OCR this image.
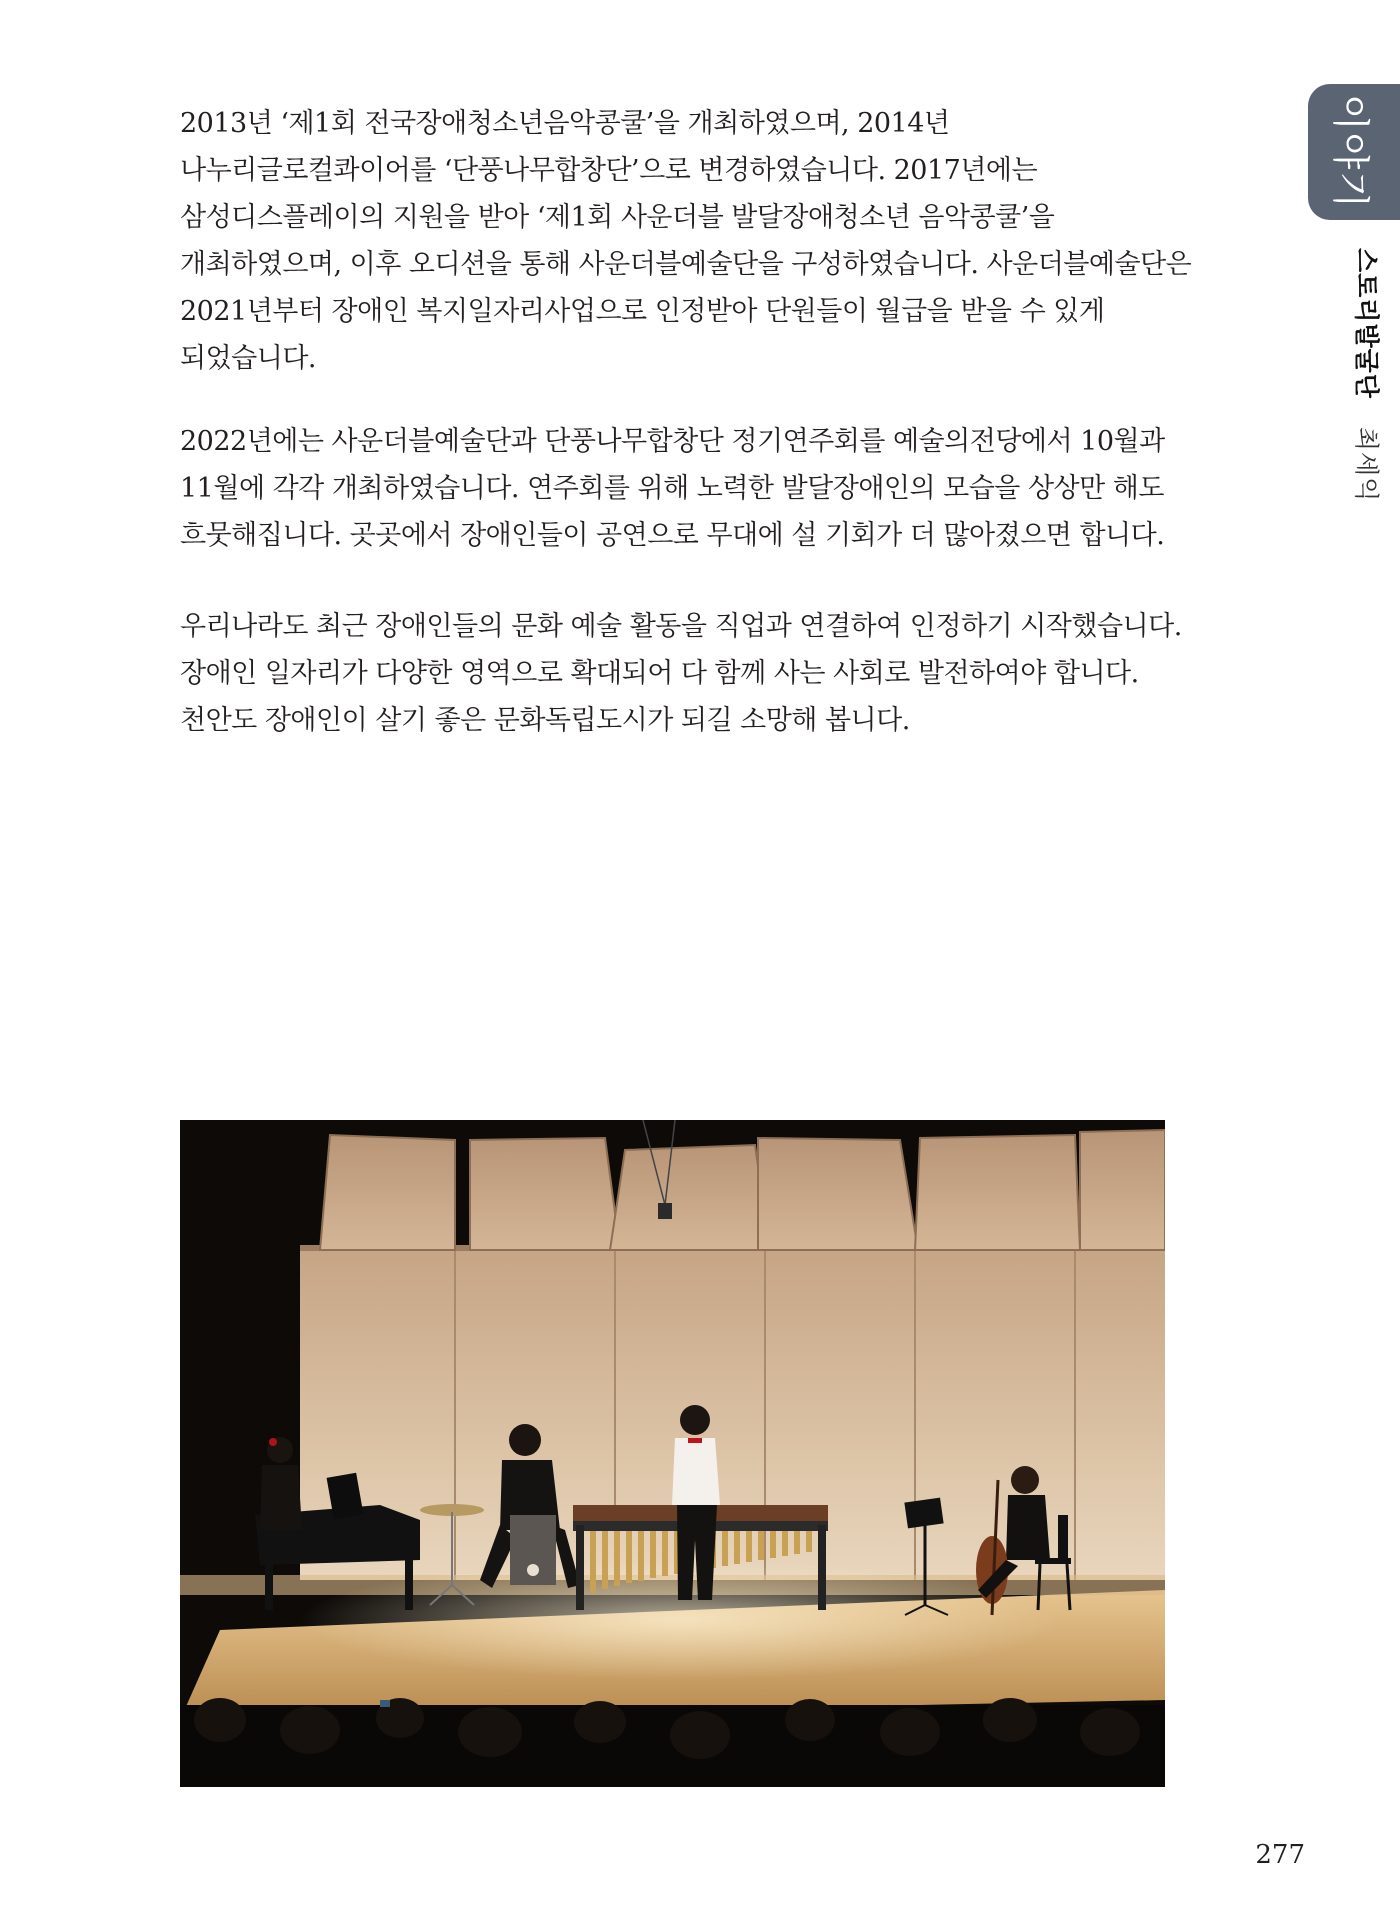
이야기
스토리발굴단최세익

2013년 ‘제1회 전국장애청소년음악콩쿨’을 개최하였으며, 2014년

나누리글로컬콰이어를 ‘단풍나무합창단’으로 변경하였습니다. 2017년에는

삼성디스플레이의 지원을 받아 ‘제1회 사운더블 발달장애청소년 음악콩쿨’을

개최하였으며, 이후 오디션을 통해 사운더블예술단을 구성하였습니다. 사운더블예술단은

2021년부터 장애인 복지일자리사업으로 인정받아 단원들이 월급을 받을 수 있게

되었습니다.

2022년에는 사운더블예술단과 단풍나무합창단 정기연주회를 예술의전당에서 10월과

11월에 각각 개최하였습니다. 연주회를 위해 노력한 발달장애인의 모습을 상상만 해도

흐뭇해집니다. 곳곳에서 장애인들이 공연으로 무대에 설 기회가 더 많아졌으면 합니다.

우리나라도 최근 장애인들의 문화 예술 활동을 직업과 연결하여 인정하기 시작했습니다.

장애인 일자리가 다양한 영역으로 확대되어 다 함께 사는 사회로 발전하여야 합니다.

천안도 장애인이 살기 좋은 문화독립도시가 되길 소망해 봅니다.

277
